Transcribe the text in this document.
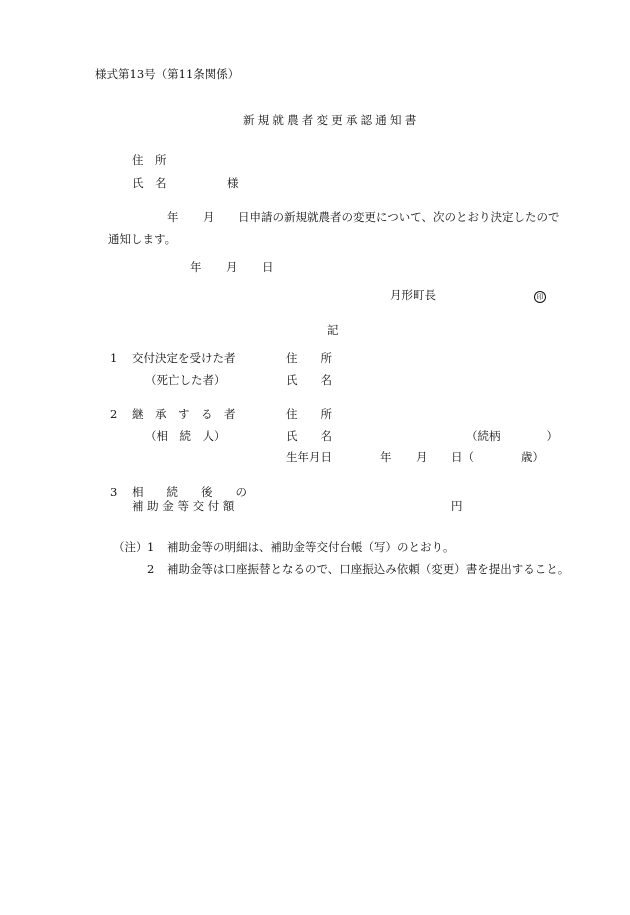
様式第13号（第11条関係）
新規就農者変更承認通知書
住　所
氏　名	様
年 月 日申請の新規就農者の変更について、次のとおり決定したので
通知します。
年 月 日
月形町長	印
記
1 交付決定を受けた者	住　　所
（死亡した者）	氏　　名
2 継　承　す　る　者	住　　所
（相　続　人）	氏　　名	（続柄　　　　）
生年月日	年 月 日（	歳）
3 相　　続　　後　　の
補 助 金 等 交 付 額	円
（注） 1 補助金等の明細は、補助金等交付台帳（写）のとおり。
2 補助金等は口座振替となるので、口座振込み依頼（変更）書を提出すること。
